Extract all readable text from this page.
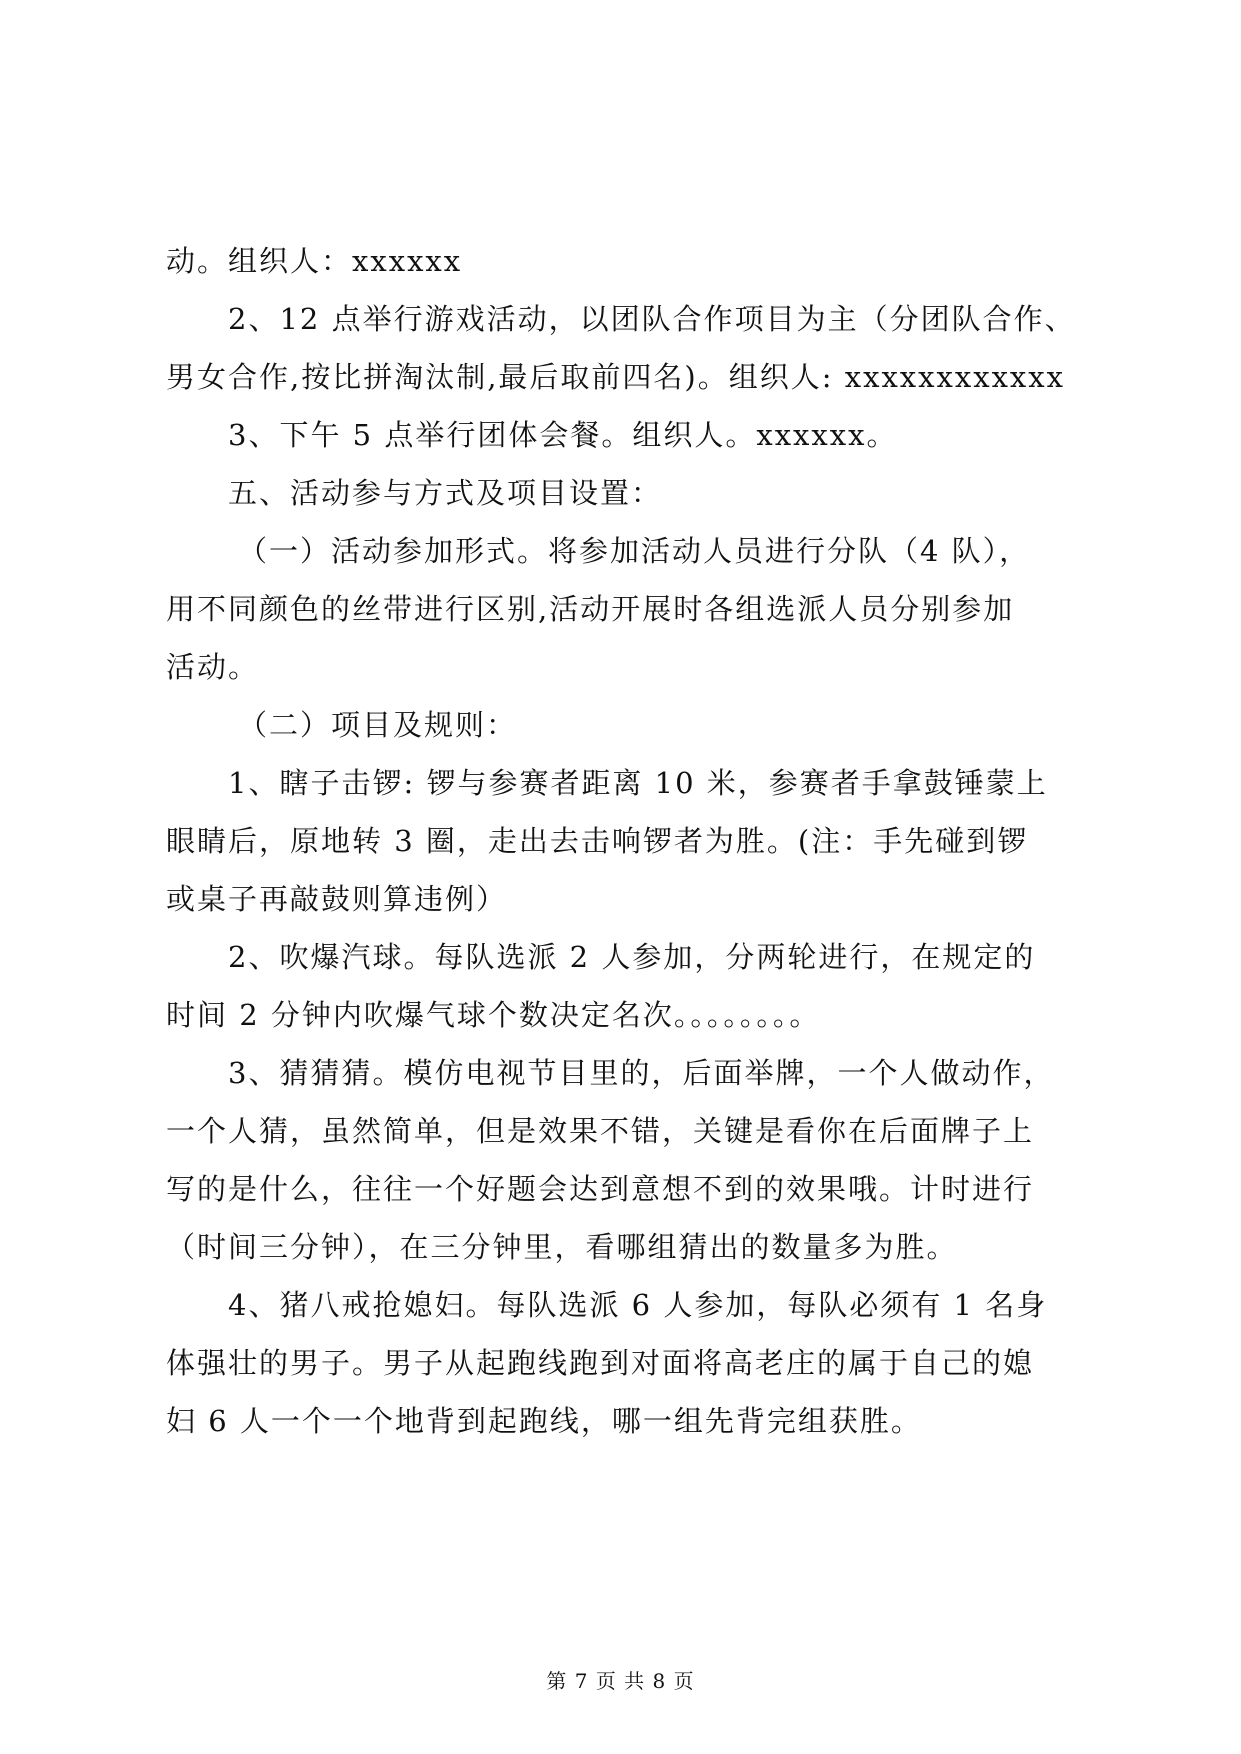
动。组织人：xxxxxx
2、12 点举行游戏活动，以团队合作项目为主（分团队合作、
男女合作,按比拼淘汰制,最后取前四名)。组织人: xxxxxxxxxxxx
3、下午 5 点举行团体会餐。组织人。xxxxxx。
五、活动参与方式及项目设置：
（一）活动参加形式。将参加活动人员进行分队（4 队），
用不同颜色的丝带进行区别,活动开展时各组选派人员分别参加
活动。
（二）项目及规则：
1、瞎子击锣: 锣与参赛者距离 10 米，参赛者手拿鼓锤蒙上
眼睛后，原地转 3 圈，走出去击响锣者为胜。(注：手先碰到锣
或桌子再敲鼓则算违例）
2、吹爆汽球。每队选派 2 人参加，分两轮进行，在规定的
时间 2 分钟内吹爆气球个数决定名次。。。。。。。。
3、猜猜猜。模仿电视节目里的，后面举牌，一个人做动作，
一个人猜，虽然简单，但是效果不错，关键是看你在后面牌子上
写的是什么，往往一个好题会达到意想不到的效果哦。计时进行
（时间三分钟），在三分钟里，看哪组猜出的数量多为胜。
4、猪八戒抢媳妇。每队选派 6 人参加，每队必须有 1 名身
体强壮的男子。男子从起跑线跑到对面将高老庄的属于自己的媳
妇 6 人一个一个地背到起跑线，哪一组先背完组获胜。
第 7 页 共 8 页
